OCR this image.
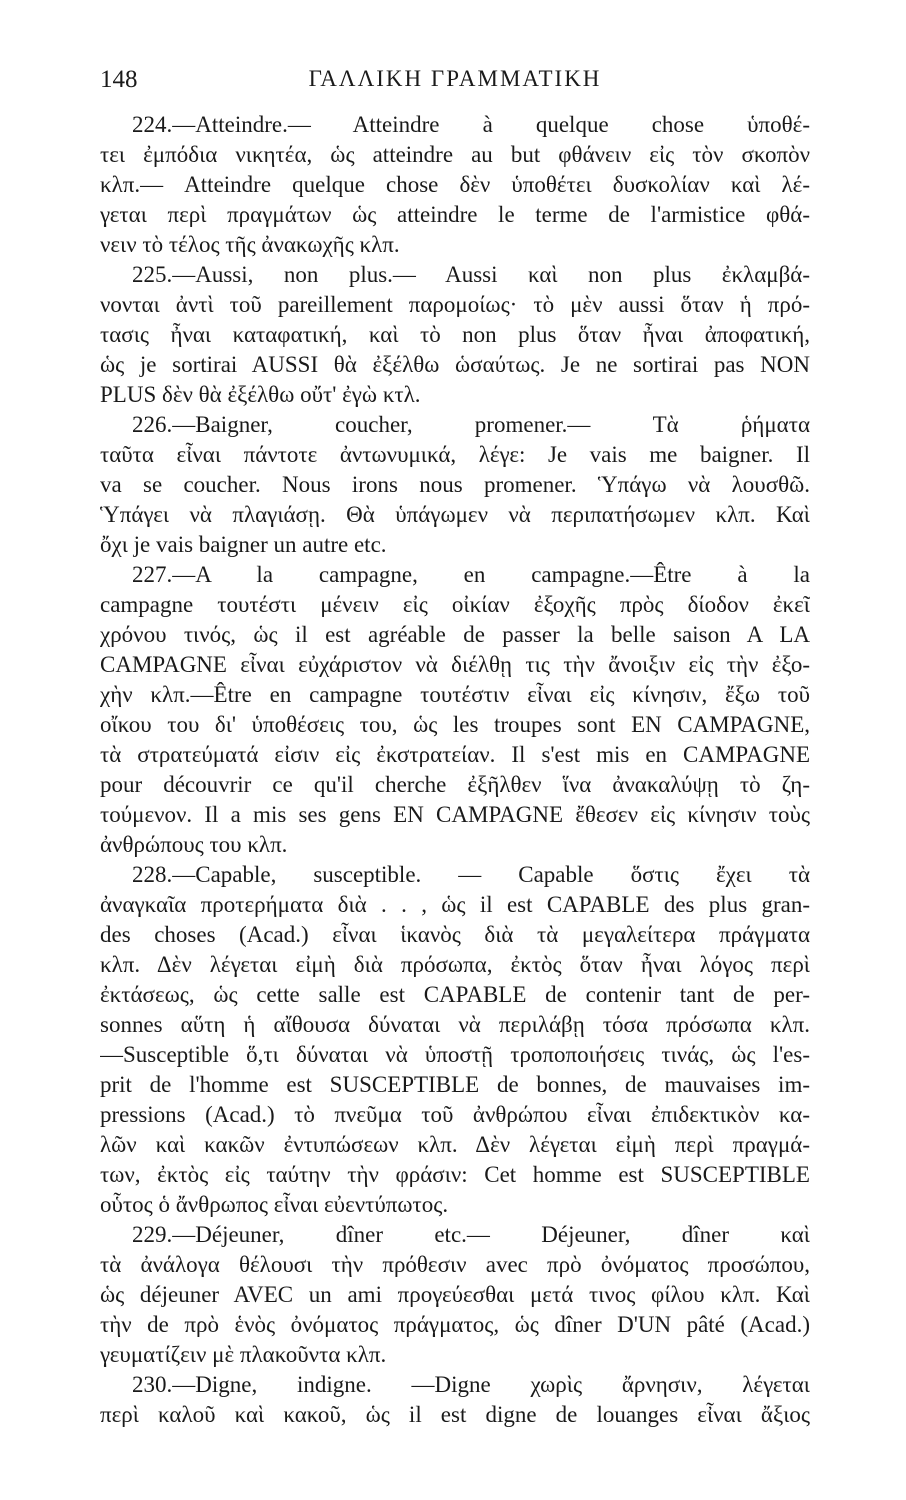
148	ΓΑΛΛΙΚΗ ΓΡΑΜΜΑΤΙΚΗ
224.—Atteindre.— Atteindre à quelque chose ὑποθέ-
τει ἐμπόδια νικητέα, ὡς atteindre au but φθάνειν εἰς τὸν σκοπὸν
κλπ.— Atteindre quelque chose δὲν ὑποθέτει δυσκολίαν καὶ λέ-
γεται περὶ πραγμάτων ὡς atteindre le terme de l'armistice φθά-
νειν τὸ τέλος τῆς ἀνακωχῆς κλπ.
225.—Aussi, non plus.— Aussi καὶ non plus ἐκλαμβά-
νονται ἀντὶ τοῦ pareillement παρομοίως· τὸ μὲν aussi ὅταν ἡ πρό-
τασις ἦναι καταφατική, καὶ τὸ non plus ὅταν ἦναι ἀποφατική,
ὡς je sortirai AUSSI θὰ ἐξέλθω ὡσαύτως. Je ne sortirai pas NON
PLUS δὲν θὰ ἐξέλθω οὔτ' ἐγὼ κτλ.
226.—Baigner, coucher, promener.— Τὰ ῥήματα
ταῦτα εἶναι πάντοτε ἀντωνυμικά, λέγε: Je vais me baigner. Il
va se coucher. Nous irons nous promener. Ὑπάγω νὰ λουσθῶ.
Ὑπάγει νὰ πλαγιάσῃ. Θὰ ὑπάγωμεν νὰ περιπατήσωμεν κλπ. Καὶ
ὄχι je vais baigner un autre etc.
227.—A la campagne, en campagne.—Être à la
campagne τουτέστι μένειν εἰς οἰκίαν ἐξοχῆς πρὸς δίοδον ἐκεῖ
χρόνου τινός, ὡς il est agréable de passer la belle saison A LA
CAMPAGNE εἶναι εὐχάριστον νὰ διέλθῃ τις τὴν ἄνοιξιν εἰς τὴν ἐξο-
χὴν κλπ.—Être en campagne τουτέστιν εἶναι εἰς κίνησιν, ἔξω τοῦ
οἴκου του δι' ὑποθέσεις του, ὡς les troupes sont EN CAMPAGNE,
τὰ στρατεύματά εἰσιν εἰς ἐκστρατείαν. Il s'est mis en CAMPAGNE
pour découvrir ce qu'il cherche ἐξῆλθεν ἵνα ἀνακαλύψῃ τὸ ζη-
τούμενον. Il a mis ses gens EN CAMPAGNE ἔθεσεν εἰς κίνησιν τοὺς
ἀνθρώπους του κλπ.
228.—Capable, susceptible. — Capable ὅστις ἔχει τὰ
ἀναγκαῖα προτερήματα διὰ . . , ὡς il est CAPABLE des plus gran-
des choses (Acad.) εἶναι ἱκανὸς διὰ τὰ μεγαλείτερα πράγματα
κλπ. Δὲν λέγεται εἰμὴ διὰ πρόσωπα, ἐκτὸς ὅταν ἦναι λόγος περὶ
ἐκτάσεως, ὡς cette salle est CAPABLE de contenir tant de per-
sonnes αὕτη ἡ αἴθουσα δύναται νὰ περιλάβῃ τόσα πρόσωπα κλπ.
—Susceptible ὅ,τι δύναται νὰ ὑποστῇ τροποποιήσεις τινάς, ὡς l'es-
prit de l'homme est SUSCEPTIBLE de bonnes, de mauvaises im-
pressions (Acad.) τὸ πνεῦμα τοῦ ἀνθρώπου εἶναι ἐπιδεκτικὸν κα-
λῶν καὶ κακῶν ἐντυπώσεων κλπ. Δὲν λέγεται εἰμὴ περὶ πραγμά-
των, ἐκτὸς εἰς ταύτην τὴν φράσιν: Cet homme est SUSCEPTIBLE
οὗτος ὁ ἄνθρωπος εἶναι εὐεντύπωτος.
229.—Déjeuner, dîner etc.— Déjeuner, dîner καὶ
τὰ ἀνάλογα θέλουσι τὴν πρόθεσιν avec πρὸ ὀνόματος προσώπου,
ὡς déjeuner AVEC un ami προγεύεσθαι μετά τινος φίλου κλπ. Καὶ
τὴν de πρὸ ἑνὸς ὀνόματος πράγματος, ὡς dîner D'UN pâté (Acad.)
γευματίζειν μὲ πλακοῦντα κλπ.
230.—Digne, indigne. —Digne χωρὶς ἄρνησιν, λέγεται
περὶ καλοῦ καὶ κακοῦ, ὡς il est digne de louanges εἶναι ἄξιος
